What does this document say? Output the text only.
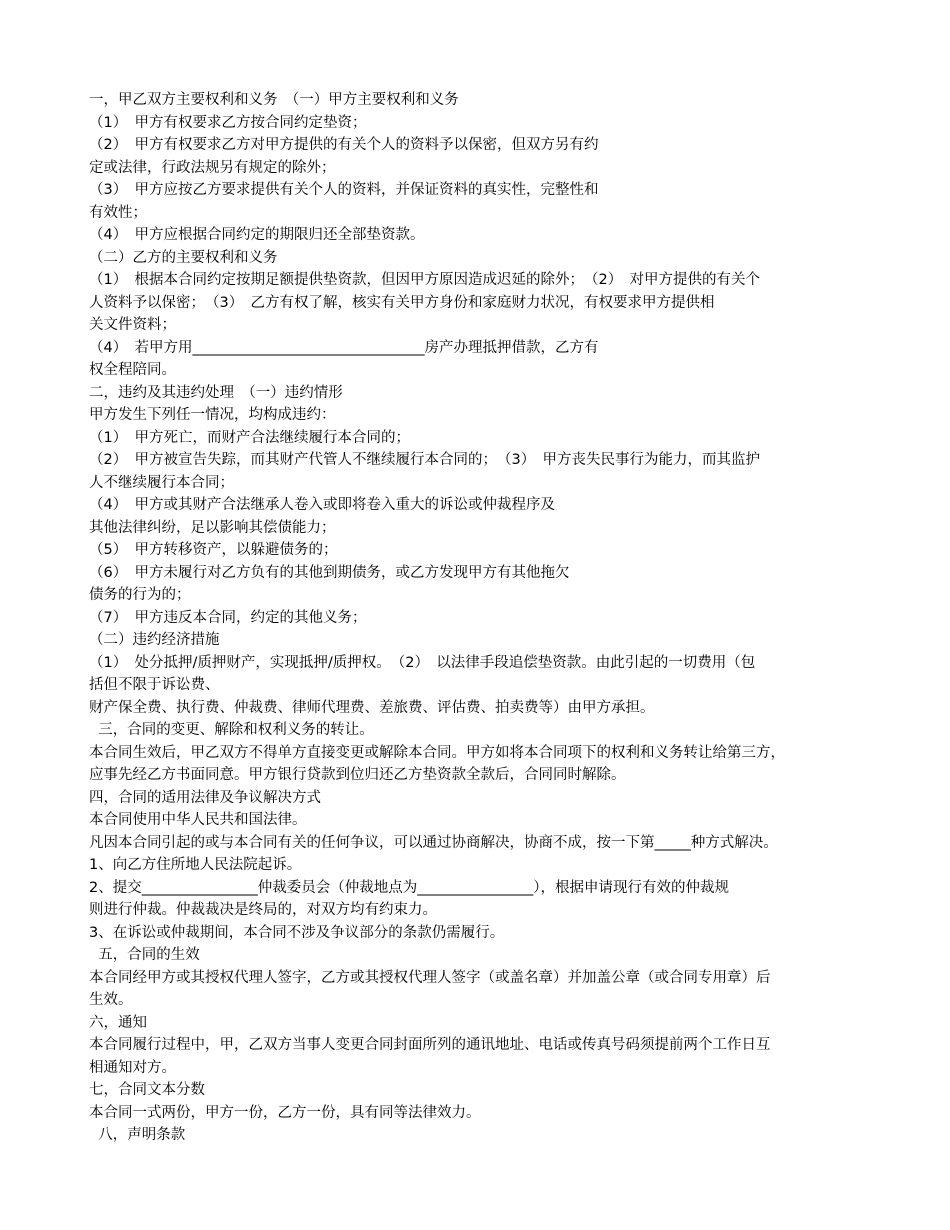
一，甲乙双方主要权利和义务　（一）甲方主要权利和义务
（1）　甲方有权要求乙方按合同约定垫资；
（2）　甲方有权要求乙方对甲方提供的有关个人的资料予以保密，但双方另有约
定或法律，行政法规另有规定的除外；
（3）　甲方应按乙方要求提供有关个人的资料，并保证资料的真实性，完整性和
有效性；
（4）　甲方应根据合同约定的期限归还全部垫资款。
（二）乙方的主要权利和义务
（1）　根据本合同约定按期足额提供垫资款，但因甲方原因造成迟延的除外；　（2）　对甲方提供的有关个
人资料予以保密；　（3）　乙方有权了解，核实有关甲方身份和家庭财力状况，有权要求甲方提供相
关文件资料；
（4）　若甲方用________________________________房产办理抵押借款，乙方有
权全程陪同。
二，违约及其违约处理　（一）违约情形
甲方发生下列任一情况，均构成违约：
（1）　甲方死亡，而财产合法继续履行本合同的；
（2）　甲方被宣告失踪，而其财产代管人不继续履行本合同的；　（3）　甲方丧失民事行为能力，而其监护
人不继续履行本合同；
（4）　甲方或其财产合法继承人卷入或即将卷入重大的诉讼或仲裁程序及
其他法律纠纷，足以影响其偿债能力；
（5）　甲方转移资产，以躲避债务的；
（6）　甲方未履行对乙方负有的其他到期债务，或乙方发现甲方有其他拖欠
债务的行为的；
（7）　甲方违反本合同，约定的其他义务；
（二）违约经济措施
（1）　处分抵押/质押财产，实现抵押/质押权。　（2）　以法律手段追偿垫资款。由此引起的一切费用（包
括但不限于诉讼费、
财产保全费、执行费、仲裁费、律师代理费、差旅费、评估费、拍卖费等）由甲方承担。
三，合同的变更、解除和权利义务的转让。
本合同生效后，甲乙双方不得单方直接变更或解除本合同。甲方如将本合同项下的权利和义务转让给第三方，
应事先经乙方书面同意。甲方银行贷款到位归还乙方垫资款全款后，合同同时解除。
四，合同的适用法律及争议解决方式
本合同使用中华人民共和国法律。
凡因本合同引起的或与本合同有关的任何争议，可以通过协商解决，协商不成，按一下第_____种方式解决。
1、向乙方住所地人民法院起诉。
2、提交________________仲裁委员会（仲裁地点为________________），根据申请现行有效的仲裁规
则进行仲裁。仲裁裁决是终局的，对双方均有约束力。
3、在诉讼或仲裁期间，本合同不涉及争议部分的条款仍需履行。
五，合同的生效
本合同经甲方或其授权代理人签字，乙方或其授权代理人签字（或盖名章）并加盖公章（或合同专用章）后
生效。
六，通知
本合同履行过程中，甲，乙双方当事人变更合同封面所列的通讯地址、电话或传真号码须提前两个工作日互
相通知对方。
七，合同文本分数
本合同一式两份，甲方一份，乙方一份，具有同等法律效力。
八，声明条款
